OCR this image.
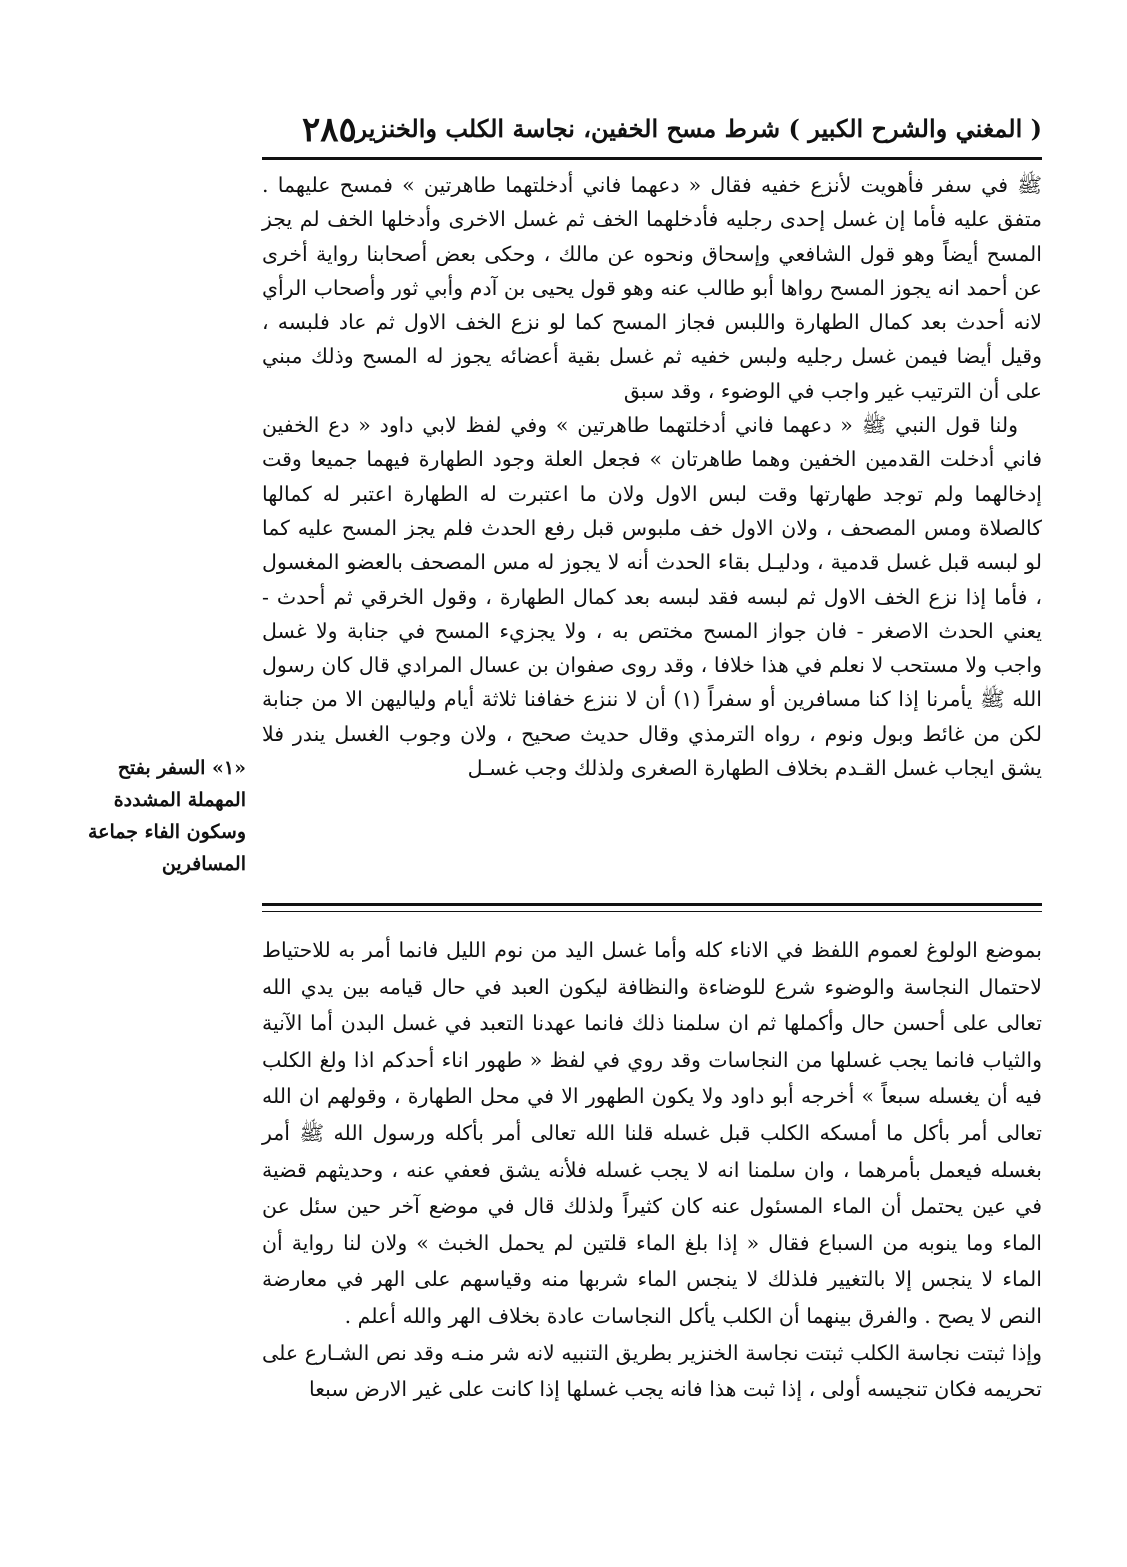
( المغني والشرح الكبير ) شرط مسح الخفين، نجاسة الكلب والخنزير
٢٨٥

ﷺ في سفر فأهويت لأنزع خفيه فقال « دعهما فاني أدخلتهما طاهرتين » فمسح عليهما . متفق عليه فأما إن غسل إحدى رجليه فأدخلهما الخف ثم غسل الاخرى وأدخلها الخف لم يجز المسح أيضاً وهو قول الشافعي وإسحاق ونحوه عن مالك ، وحكى بعض أصحابنا رواية أخرى عن أحمد انه يجوز المسح رواها أبو طالب عنه وهو قول يحيى بن آدم وأبي ثور وأصحاب الرأي لانه أحدث بعد كمال الطهارة واللبس فجاز المسح كما لو نزع الخف الاول ثم عاد فلبسه ، وقيل أيضا فيمن غسل رجليه ولبس خفيه ثم غسل بقية أعضائه يجوز له المسح وذلك مبني على أن الترتيب غير واجب في الوضوء ، وقد سبق

ولنا قول النبي ﷺ « دعهما فاني أدخلتهما طاهرتين » وفي لفظ لابي داود « دع الخفين فاني أدخلت القدمين الخفين وهما طاهرتان » فجعل العلة وجود الطهارة فيهما جميعا وقت إدخالهما ولم توجد طهارتها وقت لبس الاول ولان ما اعتبرت له الطهارة اعتبر له كمالها كالصلاة ومس المصحف ، ولان الاول خف ملبوس قبل رفع الحدث فلم يجز المسح عليه كما لو لبسه قبل غسل قدمية ، ودليـل بقاء الحدث أنه لا يجوز له مس المصحف بالعضو المغسول ، فأما إذا نزع الخف الاول ثم لبسه فقد لبسه بعد كمال الطهارة ، وقول الخرقي ثم أحدث - يعني الحدث الاصغر - فان جواز المسح مختص به ، ولا يجزيء المسح في جنابة ولا غسل واجب ولا مستحب لا نعلم في هذا خلافا ، وقد روى صفوان بن عسال المرادي قال كان رسول الله ﷺ يأمرنا إذا كنا مسافرين أو سفراً (١) أن لا ننزع خفافنا ثلاثة أيام ولياليهن الا من جنابة لكن من غائط وبول ونوم ، رواه الترمذي وقال حديث صحيح ، ولان وجوب الغسل يندر فلا يشق ايجاب غسل القـدم بخلاف الطهارة الصغرى ولذلك وجب غسـل

«١» السفر بفتح المهملة المشددة وسكون الفاء جماعة المسافرين

بموضع الولوغ لعموم اللفظ في الاناء كله وأما غسل اليد من نوم الليل فانما أمر به للاحتياط لاحتمال النجاسة والوضوء شرع للوضاءة والنظافة ليكون العبد في حال قيامه بين يدي الله تعالى على أحسن حال وأكملها ثم ان سلمنا ذلك فانما عهدنا التعبد في غسل البدن أما الآنية والثياب فانما يجب غسلها من النجاسات وقد روي في لفظ « طهور اناء أحدكم اذا ولغ الكلب فيه أن يغسله سبعاً » أخرجه أبو داود ولا يكون الطهور الا في محل الطهارة ، وقولهم ان الله تعالى أمر بأكل ما أمسكه الكلب قبل غسله قلنا الله تعالى أمر بأكله ورسول الله ﷺ أمر بغسله فيعمل بأمرهما ، وان سلمنا انه لا يجب غسله فلأنه يشق فعفي عنه ، وحديثهم قضية في عين يحتمل أن الماء المسئول عنه كان كثيراً ولذلك قال في موضع آخر حين سئل عن الماء وما ينوبه من السباع فقال « إذا بلغ الماء قلتين لم يحمل الخبث » ولان لنا رواية أن الماء لا ينجس إلا بالتغيير فلذلك لا ينجس الماء شربها منه وقياسهم على الهر في معارضة النص لا يصح . والفرق بينهما أن الكلب يأكل النجاسات عادة بخلاف الهر والله أعلم .

وإذا ثبتت نجاسة الكلب ثبتت نجاسة الخنزير بطريق التنبيه لانه شر منـه وقد نص الشـارع على تحريمه فكان تنجيسه أولى ، إذا ثبت هذا فانه يجب غسلها إذا كانت على غير الارض سبعا
